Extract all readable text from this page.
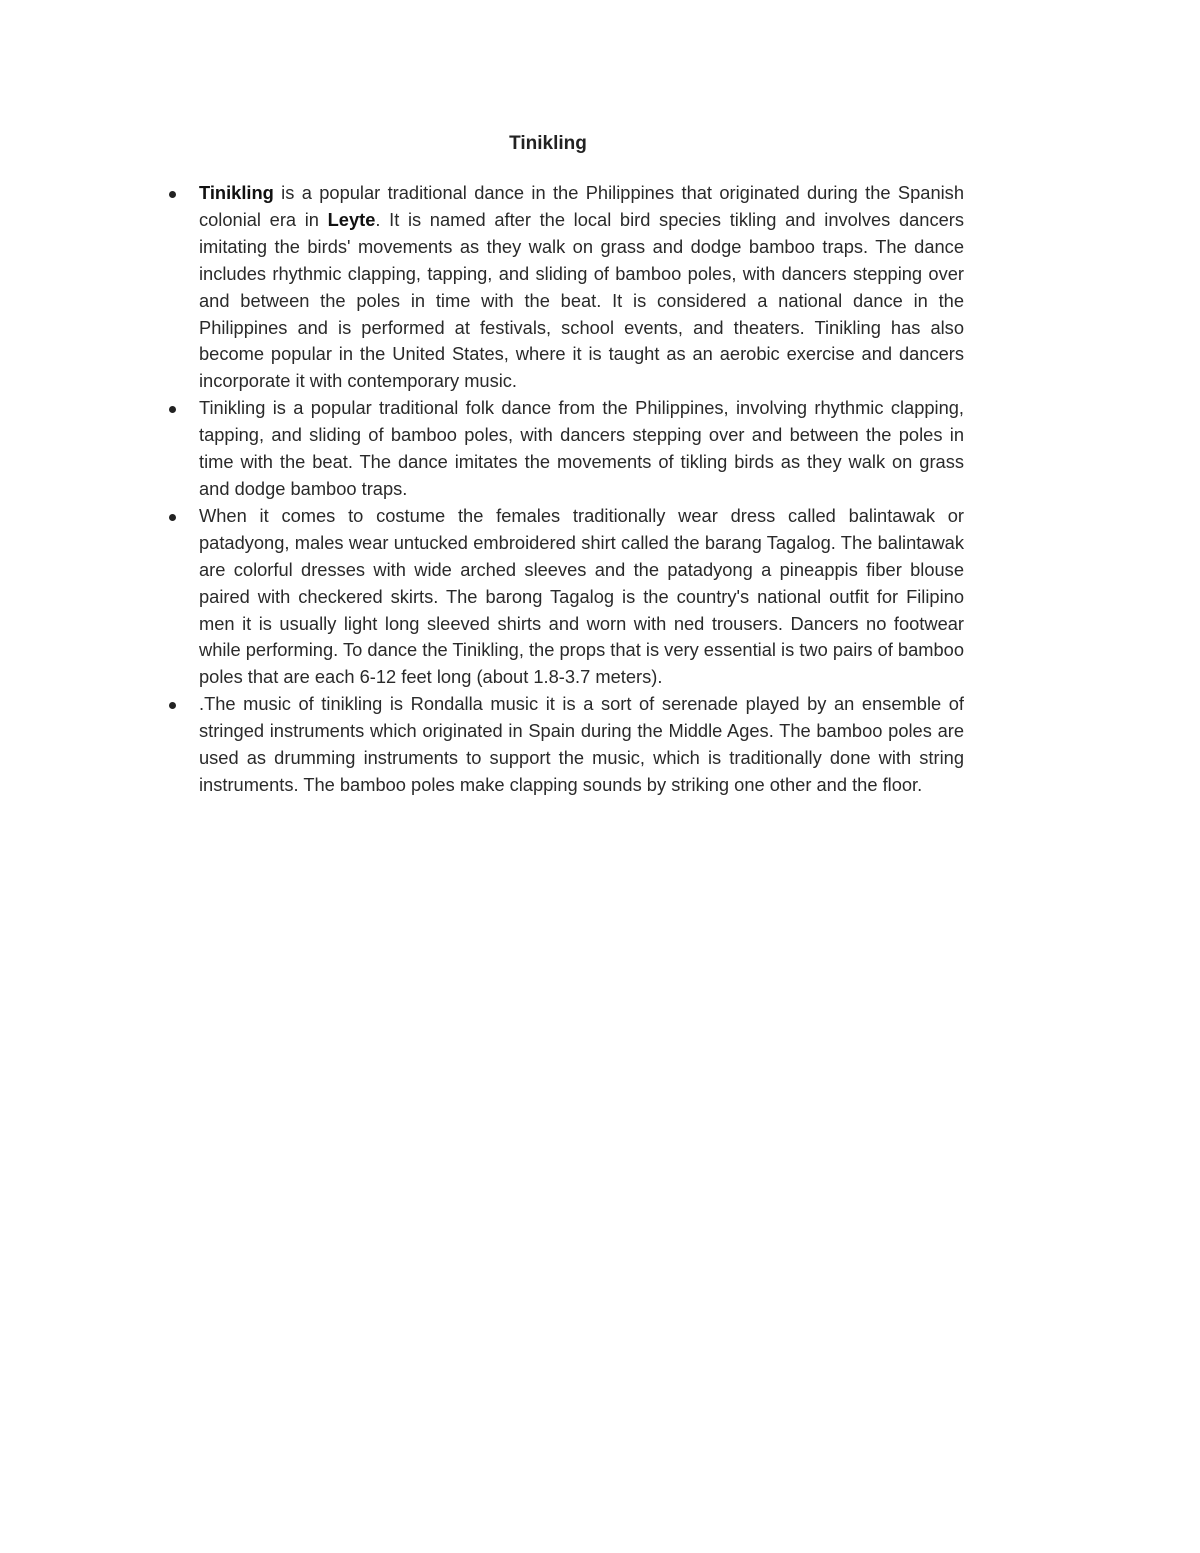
Tinikling
Tinikling is a popular traditional dance in the Philippines that originated during the Spanish colonial era in Leyte. It is named after the local bird species tikling and involves dancers imitating the birds' movements as they walk on grass and dodge bamboo traps. The dance includes rhythmic clapping, tapping, and sliding of bamboo poles, with dancers stepping over and between the poles in time with the beat. It is considered a national dance in the Philippines and is performed at festivals, school events, and theaters. Tinikling has also become popular in the United States, where it is taught as an aerobic exercise and dancers incorporate it with contemporary music.
Tinikling is a popular traditional folk dance from the Philippines, involving rhythmic clapping, tapping, and sliding of bamboo poles, with dancers stepping over and between the poles in time with the beat. The dance imitates the movements of tikling birds as they walk on grass and dodge bamboo traps.
When it comes to costume the females traditionally wear dress called balintawak or patadyong, males wear untucked embroidered shirt called the barang Tagalog. The balintawak are colorful dresses with wide arched sleeves and the patadyong a pineappis fiber blouse paired with checkered skirts. The barong Tagalog is the country's national outfit for Filipino men it is usually light long sleeved shirts and worn with ned trousers. Dancers no footwear while performing. To dance the Tinikling, the props that is very essential is two pairs of bamboo poles that are each 6-12 feet long (about 1.8-3.7 meters).
.The music of tinikling is Rondalla music it is a sort of serenade played by an ensemble of stringed instruments which originated in Spain during the Middle Ages. The bamboo poles are used as drumming instruments to support the music, which is traditionally done with string instruments. The bamboo poles make clapping sounds by striking one other and the floor.
